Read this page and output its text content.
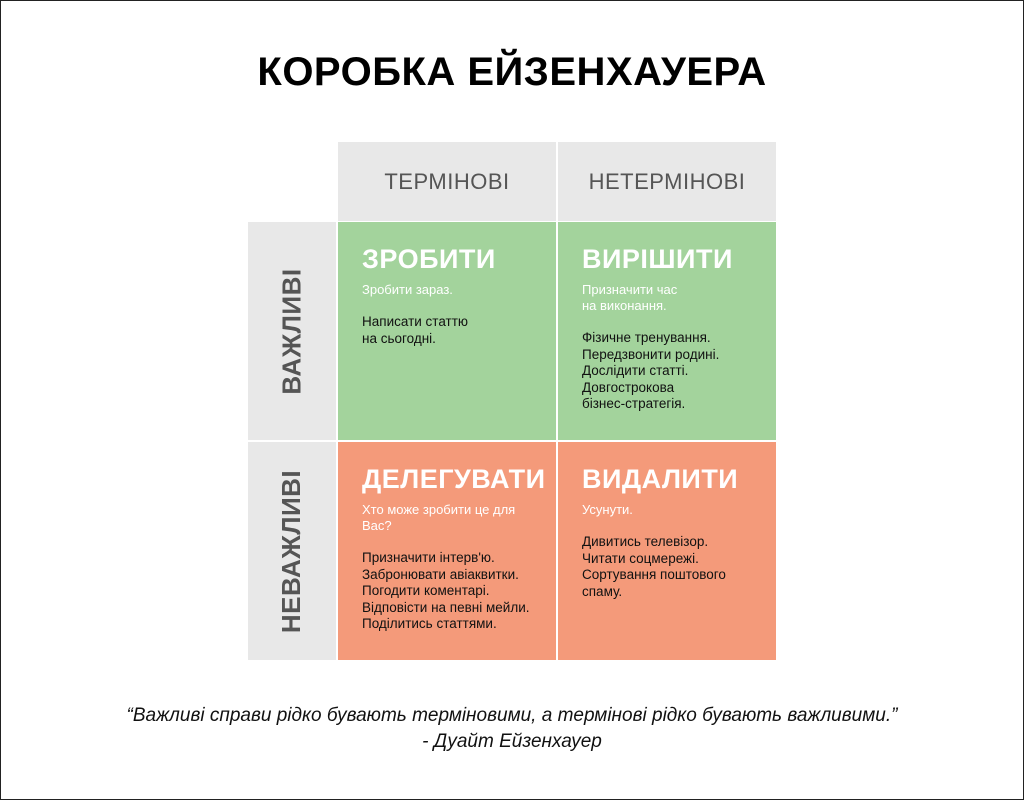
КОРОБКА ЕЙЗЕНХАУЕРА
ТЕРМІНОВІ	НЕТЕРМІНОВІ
ВАЖЛИВІ
НЕВАЖЛИВІ
ЗРОБИТИ
Зробити зараз.
Написати статтю
на сьогодні.
ВИРІШИТИ
Призначити час
на виконання.
Фізичне тренування.
Передзвонити родині.
Дослідити статті.
Довгострокова
бізнес-стратегія.
ДЕЛЕГУВАТИ
Хто може зробити це для
Вас?
Призначити інтерв'ю.
Забронювати авіаквитки.
Погодити коментарі.
Відповісти на певні мейли.
Поділитись статтями.
ВИДАЛИТИ
Усунути.
Дивитись телевізор.
Читати соцмережі.
Сортування поштового
спаму.
“Важливі справи рідко бувають терміновими, а термінові рідко бувають важливими.”
- Дуайт Ейзенхауер
